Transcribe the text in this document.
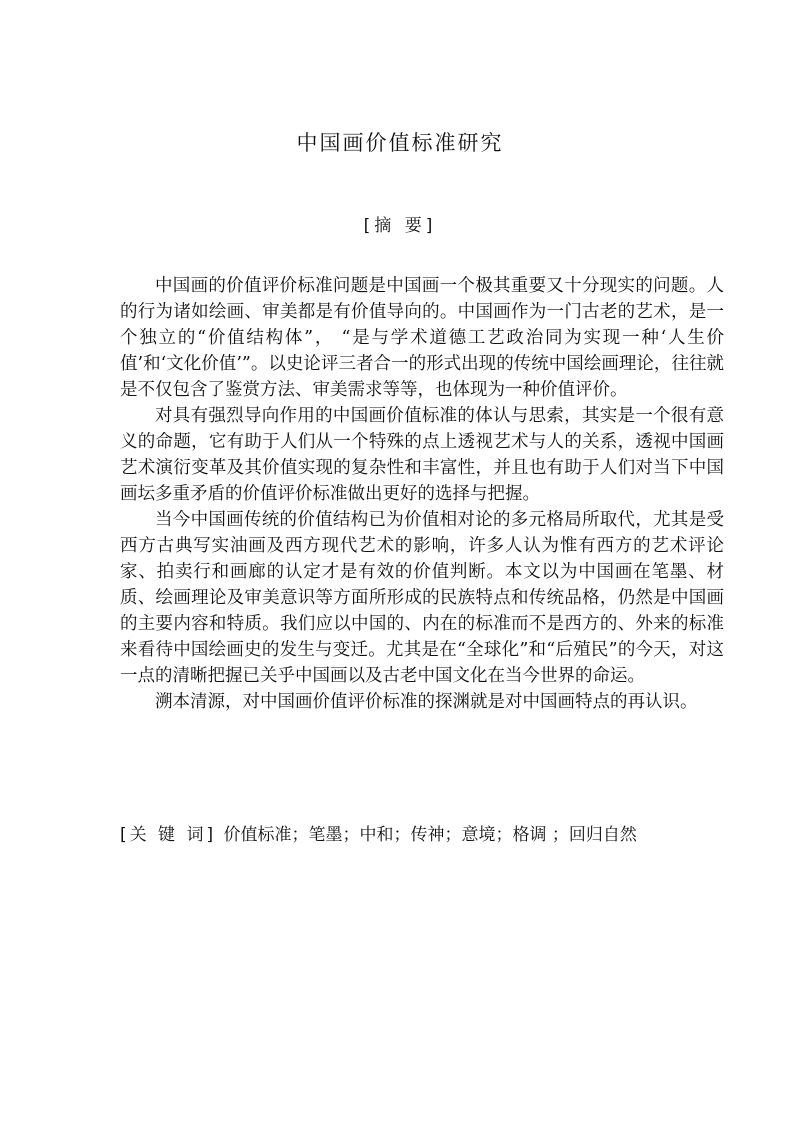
中国画价值标准研究
[摘 要]

中国画的价值评价标准问题是中国画一个极其重要又十分现实的问题。人的行为诸如绘画、审美都是有价值导向的。中国画作为一门古老的艺术，是一个独立的“价值结构体”， “是与学术道德工艺政治同为实现一种‘人生价值’和‘文化价值’”。以史论评三者合一的形式出现的传统中国绘画理论，往往就是不仅包含了鉴赏方法、审美需求等等，也体现为一种价值评价。

对具有强烈导向作用的中国画价值标准的体认与思索，其实是一个很有意义的命题，它有助于人们从一个特殊的点上透视艺术与人的关系，透视中国画艺术演衍变革及其价值实现的复杂性和丰富性，并且也有助于人们对当下中国画坛多重矛盾的价值评价标准做出更好的选择与把握。

当今中国画传统的价值结构已为价值相对论的多元格局所取代，尤其是受西方古典写实油画及西方现代艺术的影响，许多人认为惟有西方的艺术评论家、拍卖行和画廊的认定才是有效的价值判断。本文以为中国画在笔墨、材质、绘画理论及审美意识等方面所形成的民族特点和传统品格，仍然是中国画的主要内容和特质。我们应以中国的、内在的标准而不是西方的、外来的标准来看待中国绘画史的发生与变迁。尤其是在“全球化”和“后殖民”的今天，对这一点的清晰把握已关乎中国画以及古老中国文化在当今世界的命运。

溯本清源，对中国画价值评价标准的探渊就是对中国画特点的再认识。

[关 键 词] 价值标准；笔墨；中和；传神；意境；格调 ；回归自然
